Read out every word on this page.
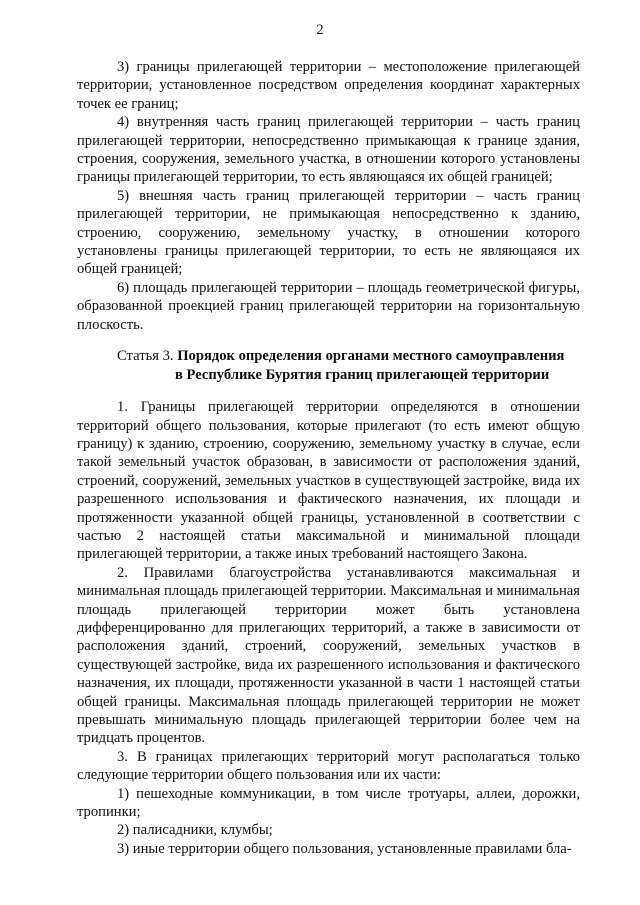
2

3) границы прилегающей территории – местоположение прилегающей территории, установленное посредством определения координат характерных точек ее границ;

4) внутренняя часть границ прилегающей территории – часть границ прилегающей территории, непосредственно примыкающая к границе здания, строения, сооружения, земельного участка, в отношении которого установлены границы прилегающей территории, то есть являющаяся их общей границей;

5) внешняя часть границ прилегающей территории – часть границ прилегающей территории, не примыкающая непосредственно к зданию, строению, сооружению, земельному участку, в отношении которого установлены границы прилегающей территории, то есть не являющаяся их общей границей;

6) площадь прилегающей территории – площадь геометрической фигуры, образованной проекцией границ прилегающей территории на горизонтальную плоскость.

Статья 3. Порядок определения органами местного самоуправления
в Республике Бурятия границ прилегающей территории

1. Границы прилегающей территории определяются в отношении территорий общего пользования, которые прилегают (то есть имеют общую границу) к зданию, строению, сооружению, земельному участку в случае, если такой земельный участок образован, в зависимости от расположения зданий, строений, сооружений, земельных участков в существующей застройке, вида их разрешенного использования и фактического назначения, их площади и протяженности указанной общей границы, установленной в соответствии с частью 2 настоящей статьи максимальной и минимальной площади прилегающей территории, а также иных требований настоящего Закона.

2. Правилами благоустройства устанавливаются максимальная и минимальная площадь прилегающей территории. Максимальная и минимальная площадь прилегающей территории может быть установлена дифференцированно для прилегающих территорий, а также в зависимости от расположения зданий, строений, сооружений, земельных участков в существующей застройке, вида их разрешенного использования и фактического назначения, их площади, протяженности указанной в части 1 настоящей статьи общей границы. Максимальная площадь прилегающей территории не может превышать минимальную площадь прилегающей территории более чем на тридцать процентов.

3. В границах прилегающих территорий могут располагаться только следующие территории общего пользования или их части:

1) пешеходные коммуникации, в том числе тротуары, аллеи, дорожки, тропинки;

2) палисадники, клумбы;

3) иные территории общего пользования, установленные правилами бла-
